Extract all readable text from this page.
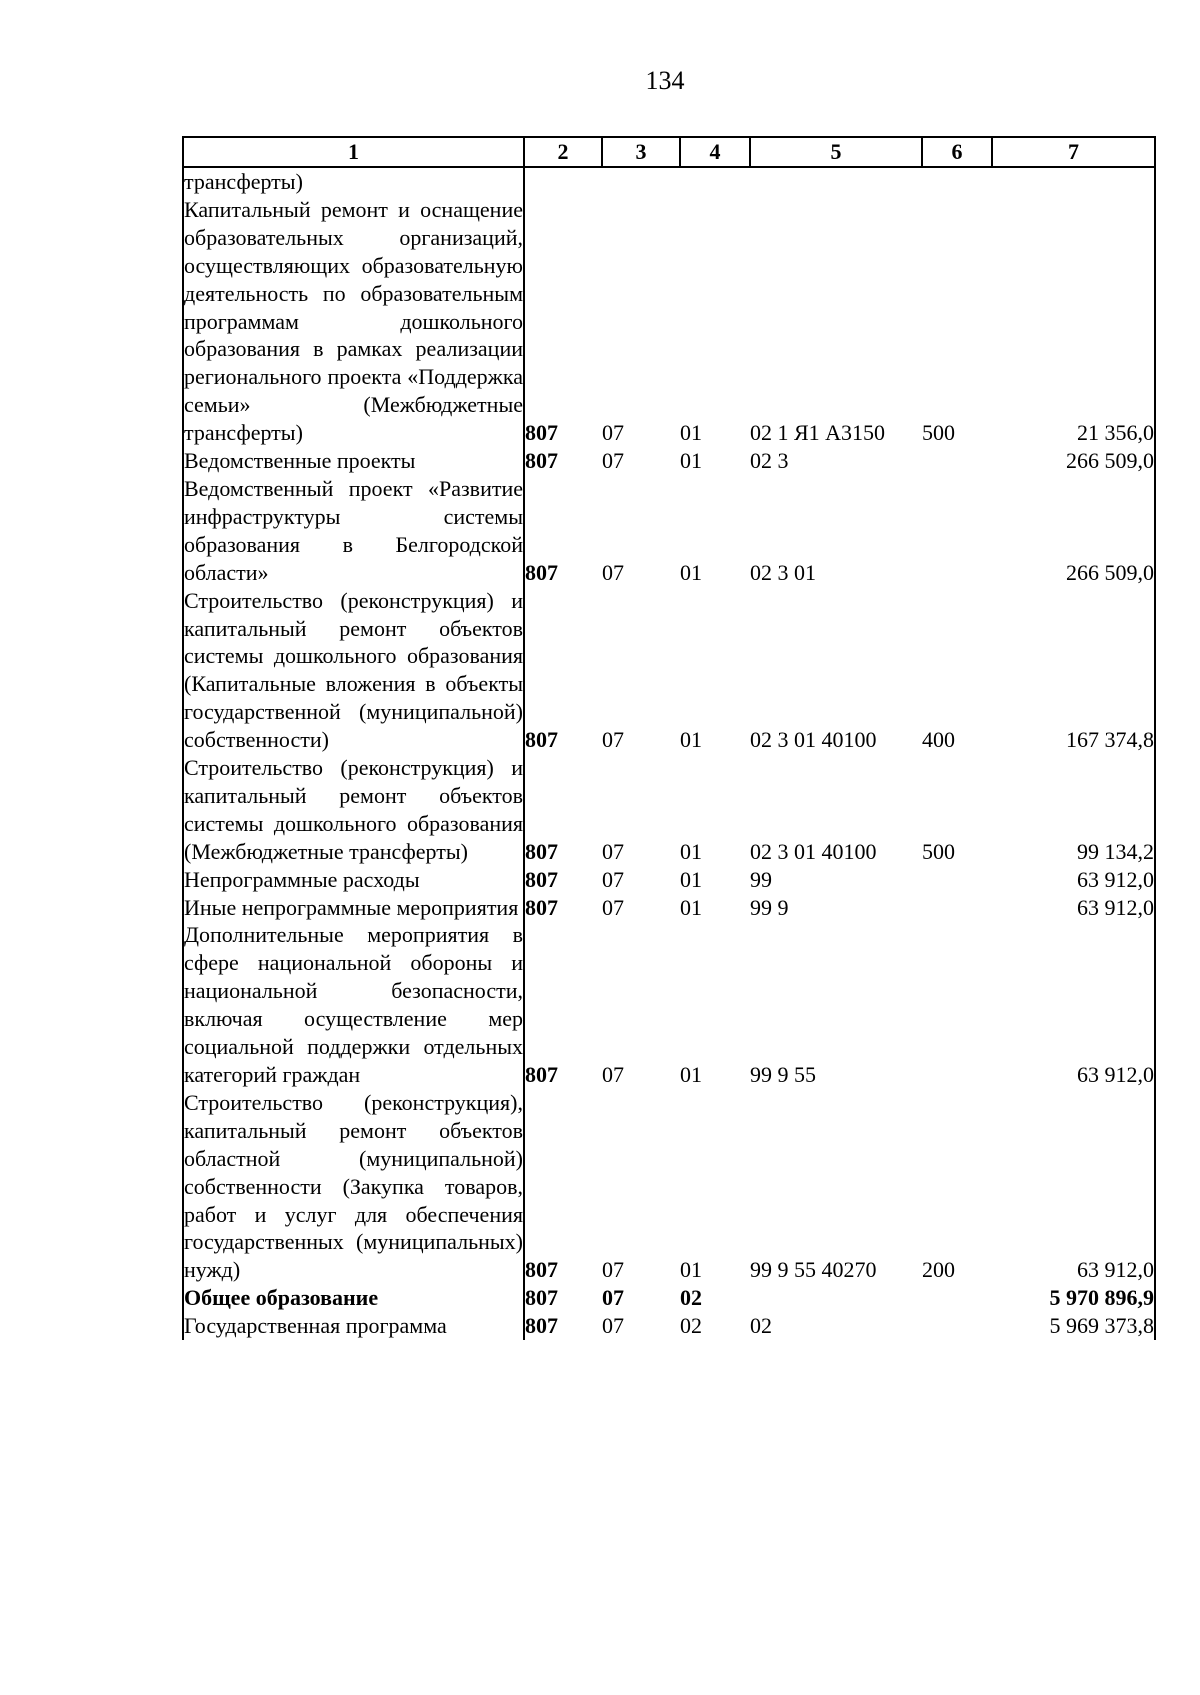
134
1	2	3	4	5	6	7
трансферты)						
Капитальный ремонт и оснащение образовательных организаций, осуществляющих образовательную деятельность по образовательным программам дошкольного образования в рамках реализации регионального проекта «Поддержка семьи» (Межбюджетные трансферты)	807	07	01	02 1 Я1 А3150	500	21 356,0
Ведомственные проекты	807	07	01	02 3		266 509,0
Ведомственный проект «Развитие инфраструктуры системы образования в Белгородской области»	807	07	01	02 3 01		266 509,0
Строительство (реконструкция) и капитальный ремонт объектов системы дошкольного образования (Капитальные вложения в объекты государственной (муниципальной) собственности)	807	07	01	02 3 01 40100	400	167 374,8
Строительство (реконструкция) и капитальный ремонт объектов системы дошкольного образования (Межбюджетные трансферты)	807	07	01	02 3 01 40100	500	99 134,2
Непрограммные расходы	807	07	01	99		63 912,0
Иные непрограммные мероприятия	807	07	01	99 9		63 912,0
Дополнительные мероприятия в сфере национальной обороны и национальной безопасности, включая осуществление мер социальной поддержки отдельных категорий граждан	807	07	01	99 9 55		63 912,0
Строительство (реконструкция), капитальный ремонт объектов областной (муниципальной) собственности (Закупка товаров, работ и услуг для обеспечения государственных (муниципальных) нужд)	807	07	01	99 9 55 40270	200	63 912,0
Общее образование	807	07	02			5 970 896,9
Государственная программа	807	07	02	02		5 969 373,8
